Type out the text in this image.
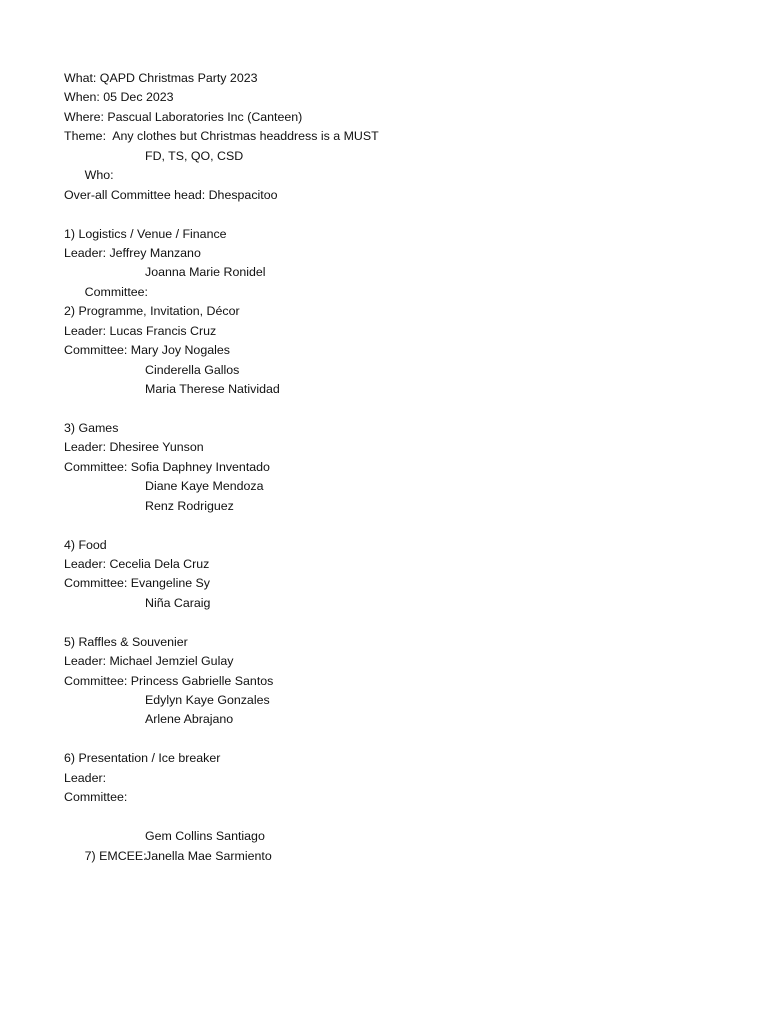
What: QAPD Christmas Party 2023
When: 05 Dec 2023
Where: Pascual Laboratories Inc (Canteen)
Theme:  Any clothes but Christmas headdress is a MUST

Who:

FD, TS, QO, CSD

Over-all Committee head: Dhespacitoo
1) Logistics / Venue / Finance
Leader: Jeffrey Manzano

Committee:

Joanna Marie Ronidel

2) Programme, Invitation, Décor
Leader: Lucas Francis Cruz
Committee: Mary Joy Nogales
Cinderella Gallos
Maria Therese Natividad
3) Games
Leader: Dhesiree Yunson
Committee: Sofia Daphney Inventado
Diane Kaye Mendoza
Renz Rodriguez
4) Food
Leader: Cecelia Dela Cruz
Committee: Evangeline Sy
Niña Caraig
5) Raffles & Souvenier
Leader: Michael Jemziel Gulay
Committee: Princess Gabrielle Santos
Edylyn Kaye Gonzales
Arlene Abrajano
6) Presentation / Ice breaker
Leader:
Committee:

7) EMCEE:

Gem Collins Santiago

Janella Mae Sarmiento
